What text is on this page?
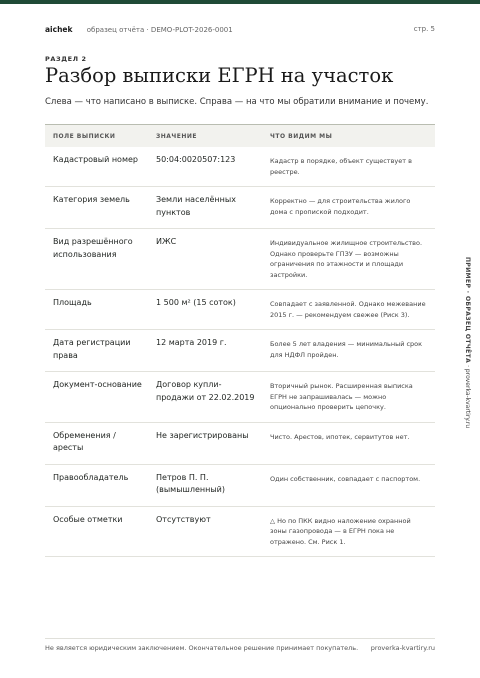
aichek образец отчёта · DEMO-PLOT-2026-0001	стр. 5
РАЗДЕЛ 2
Разбор выписки ЕГРН на участок
Слева — что написано в выписке. Справа — на что мы обратили внимание и почему.
ПОЛЕ ВЫПИСКИ	ЗНАЧЕНИЕ	ЧТО ВИДИМ МЫ
Кадастровый номер	50:04:0020507:123	Кадастр в порядке, объект существует в реестре.
Категория земель	Земли населённых пунктов	Корректно — для строительства жилого дома с пропиской подходит.
Вид разрешённого использования	ИЖС	Индивидуальное жилищное строительство. Однако проверьте ГПЗУ — возможны ограничения по этажности и площади застройки.
Площадь	1 500 м² (15 соток)	Совпадает с заявленной. Однако межевание 2015 г. — рекомендуем свежее (Риск 3).
Дата регистрации права	12 марта 2019 г.	Более 5 лет владения — минимальный срок для НДФЛ пройден.
Документ-основание	Договор купли-продажи от 22.02.2019	Вторичный рынок. Расширенная выписка ЕГРН не запрашивалась — можно опционально проверить цепочку.
Обременения / аресты	Не зарегистрированы	Чисто. Арестов, ипотек, сервитутов нет.
Правообладатель	Петров П. П. (вымышленный)	Один собственник, совпадает с паспортом.
Особые отметки	Отсутствуют	△ Но по ПКК видно наложение охранной зоны газопровода — в ЕГРН пока не отражено. См. Риск 1.
ПРИМЕР · ОБРАЗЕЦ ОТЧЁТА · proverka-kvartiry.ru
Не является юридическим заключением. Окончательное решение принимает покупатель. proverka-kvartiry.ru
